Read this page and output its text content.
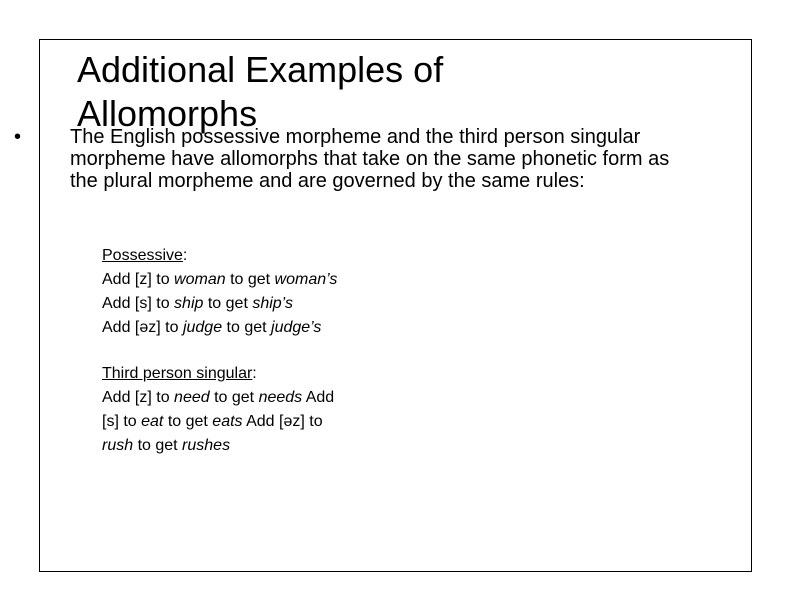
Additional Examples of Allomorphs
• The English possessive morpheme and the third person singular morpheme have allomorphs that take on the same phonetic form as the plural morpheme and are governed by the same rules:
Possessive:
Add [z] to woman to get woman’s
Add [s] to ship to get ship’s
Add [əz] to judge to get judge’s
Third person singular:
Add [z] to need to get needs Add [s] to eat to get eats Add [əz] to rush to get rushes
